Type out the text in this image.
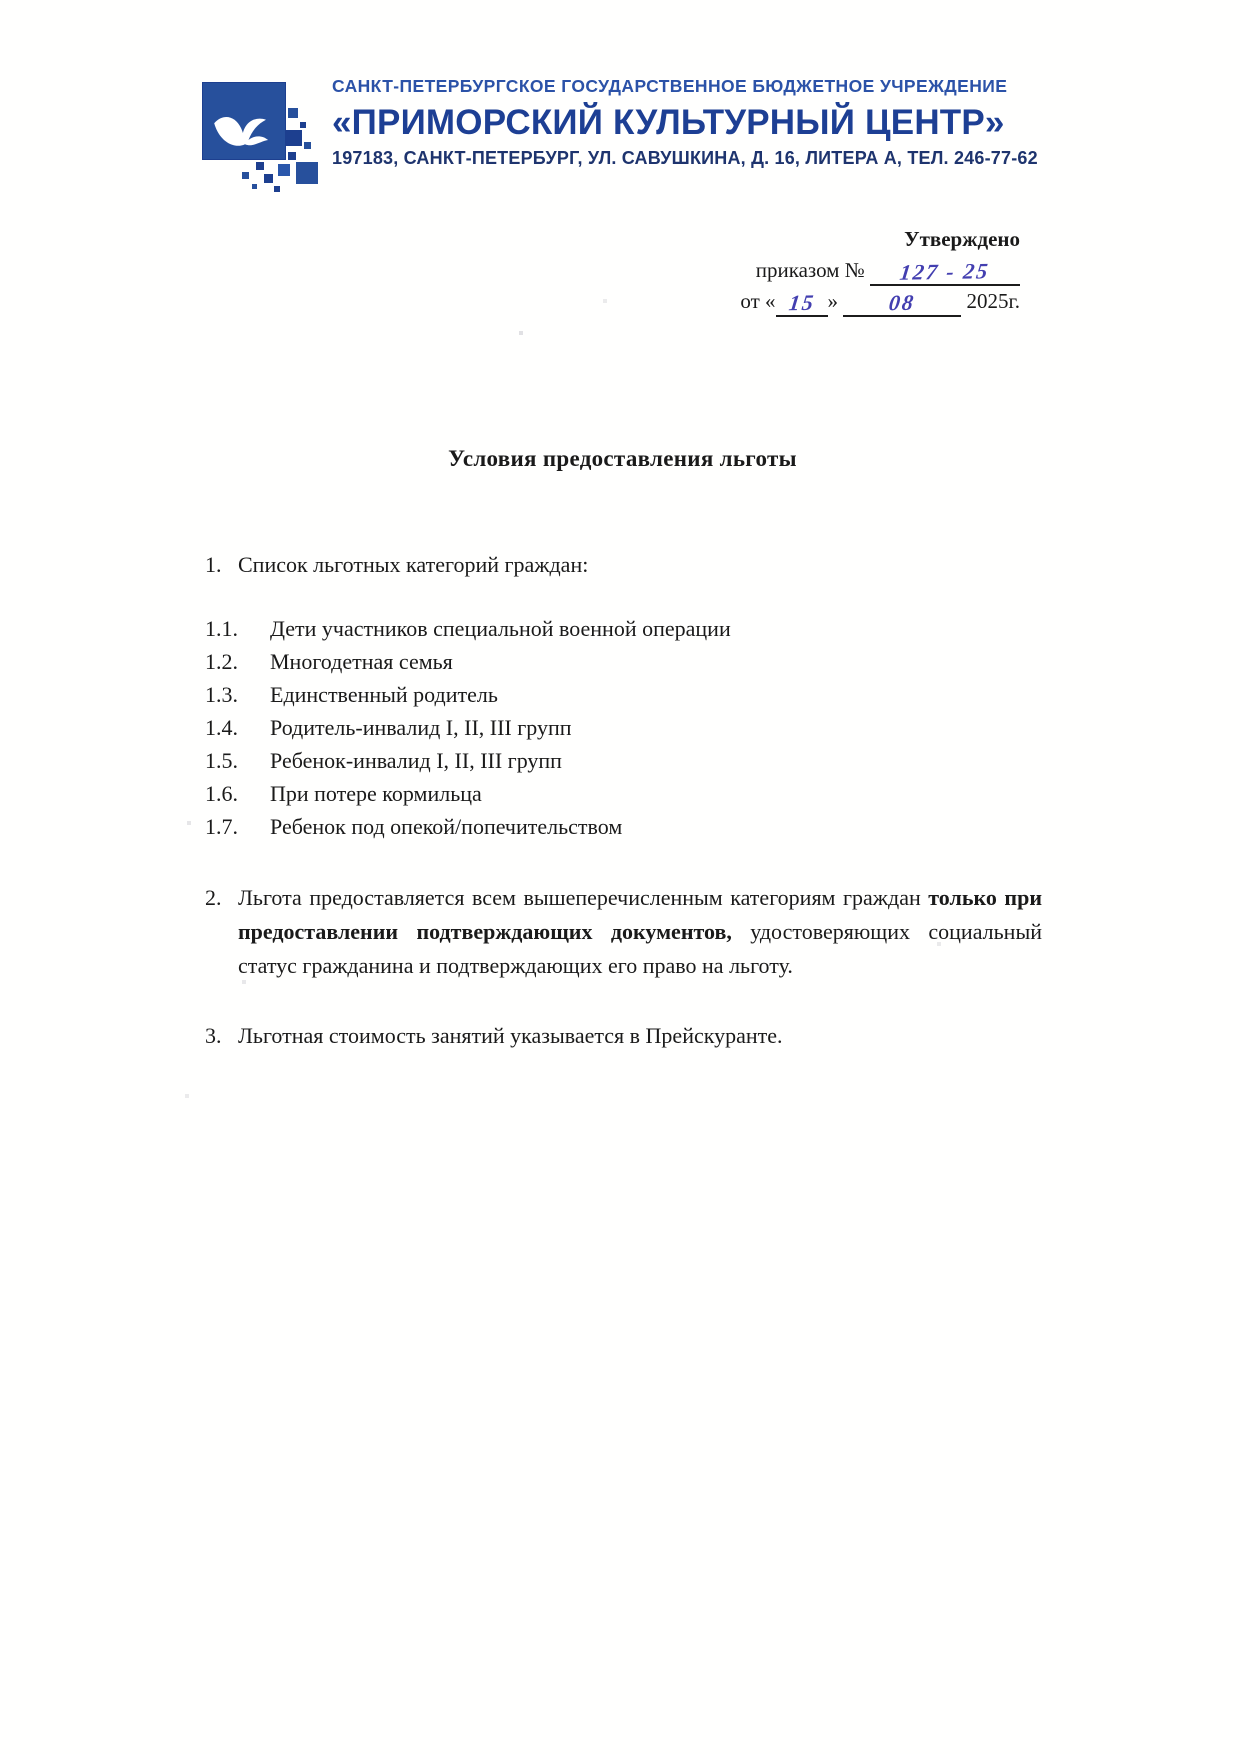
САНКТ-ПЕТЕРБУРГСКОЕ ГОСУДАРСТВЕННОЕ БЮДЖЕТНОЕ УЧРЕЖДЕНИЕ
«ПРИМОРСКИЙ КУЛЬТУРНЫЙ ЦЕНТР»
197183, САНКТ-ПЕТЕРБУРГ, УЛ. САВУШКИНА, Д. 16, ЛИТЕРА А, ТЕЛ. 246-77-62
Утверждено
приказом № 127 - 25
от « 15 » 08 2025г.
Условия предоставления льготы
1. Список льготных категорий граждан:
1.1. Дети участников специальной военной операции
1.2. Многодетная семья
1.3. Единственный родитель
1.4. Родитель-инвалид I, II, III групп
1.5. Ребенок-инвалид I, II, III групп
1.6. При потере кормильца
1.7. Ребенок под опекой/попечительством
2. Льгота предоставляется всем вышеперечисленным категориям граждан только при предоставлении подтверждающих документов, удостоверяющих социальный статус гражданина и подтверждающих его право на льготу.
3. Льготная стоимость занятий указывается в Прейскуранте.
